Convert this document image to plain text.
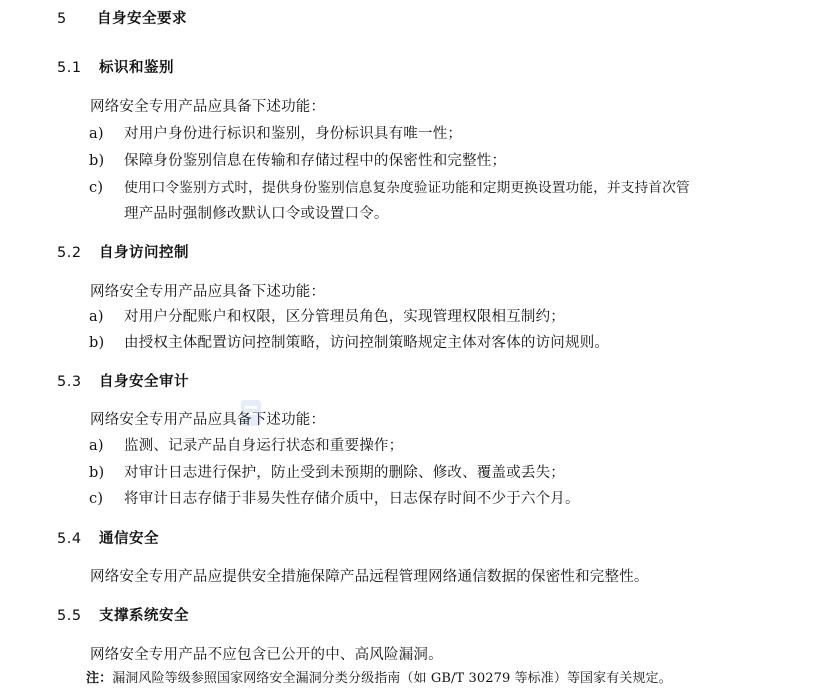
5 自身安全要求
5.1 标识和鉴别
网络安全专用产品应具备下述功能：
a) 对用户身份进行标识和鉴别，身份标识具有唯一性；
b) 保障身份鉴别信息在传输和存储过程中的保密性和完整性；
c) 使用口令鉴别方式时，提供身份鉴别信息复杂度验证功能和定期更换设置功能，并支持首次管
理产品时强制修改默认口令或设置口令。
5.2 自身访问控制
网络安全专用产品应具备下述功能：
a) 对用户分配账户和权限，区分管理员角色，实现管理权限相互制约；
b) 由授权主体配置访问控制策略，访问控制策略规定主体对客体的访问规则。
5.3 自身安全审计
网络安全专用产品应具备下述功能：
a) 监测、记录产品自身运行状态和重要操作；
b) 对审计日志进行保护，防止受到未预期的删除、修改、覆盖或丢失；
c) 将审计日志存储于非易失性存储介质中，日志保存时间不少于六个月。
5.4 通信安全
网络安全专用产品应提供安全措施保障产品远程管理网络通信数据的保密性和完整性。
5.5 支撑系统安全
网络安全专用产品不应包含已公开的中、高风险漏洞。
注：漏洞风险等级参照国家网络安全漏洞分类分级指南（如 GB/T 30279 等标准）等国家有关规定。
